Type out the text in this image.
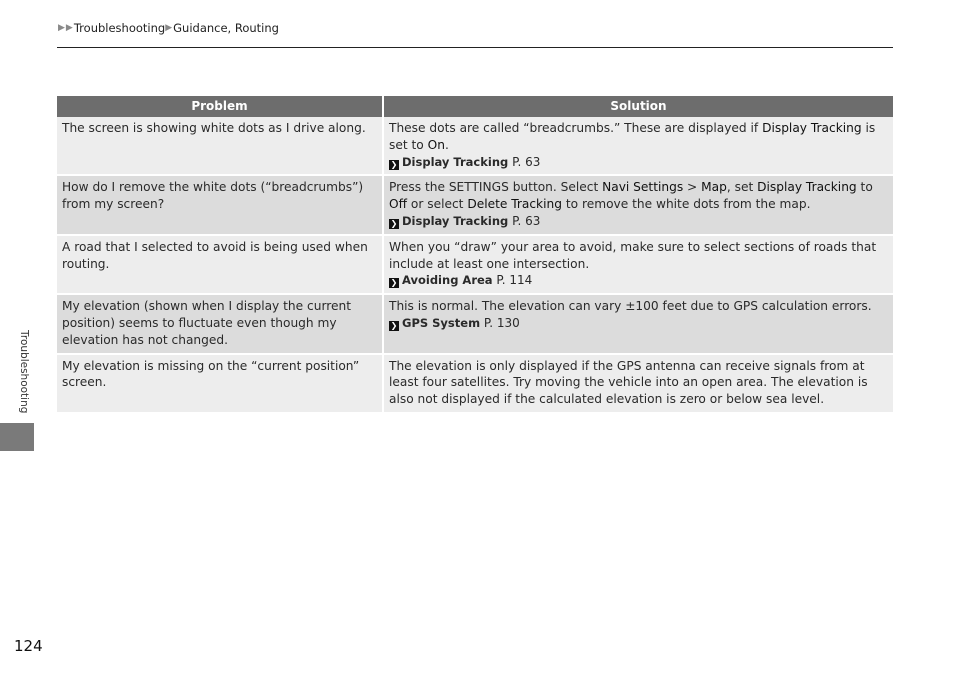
▶ ▶ Troubleshooting ▶ Guidance, Routing
Problem		Solution
The screen is showing white dots as I drive along.		These dots are called “breadcrumbs.” These are displayed if Display Tracking is set to On.
❯ Display Tracking P. 63

How do I remove the white dots (“breadcrumbs”) from my screen?		Press the SETTINGS button. Select Navi Settings > Map, set Display Tracking to Off or select Delete Tracking to remove the white dots from the map.
❯ Display Tracking P. 63

A road that I selected to avoid is being used when routing.		When you “draw” your area to avoid, make sure to select sections of roads that include at least one intersection.
❯ Avoiding Area P. 114

My elevation (shown when I display the current position) seems to fluctuate even though my elevation has not changed.		This is normal. The elevation can vary ±100 feet due to GPS calculation errors.
❯ GPS System P. 130

My elevation is missing on the “current position” screen.		The elevation is only displayed if the GPS antenna can receive signals from at least four satellites. Try moving the vehicle into an open area. The elevation is also not displayed if the calculated elevation is zero or below sea level.
Troubleshooting
124
